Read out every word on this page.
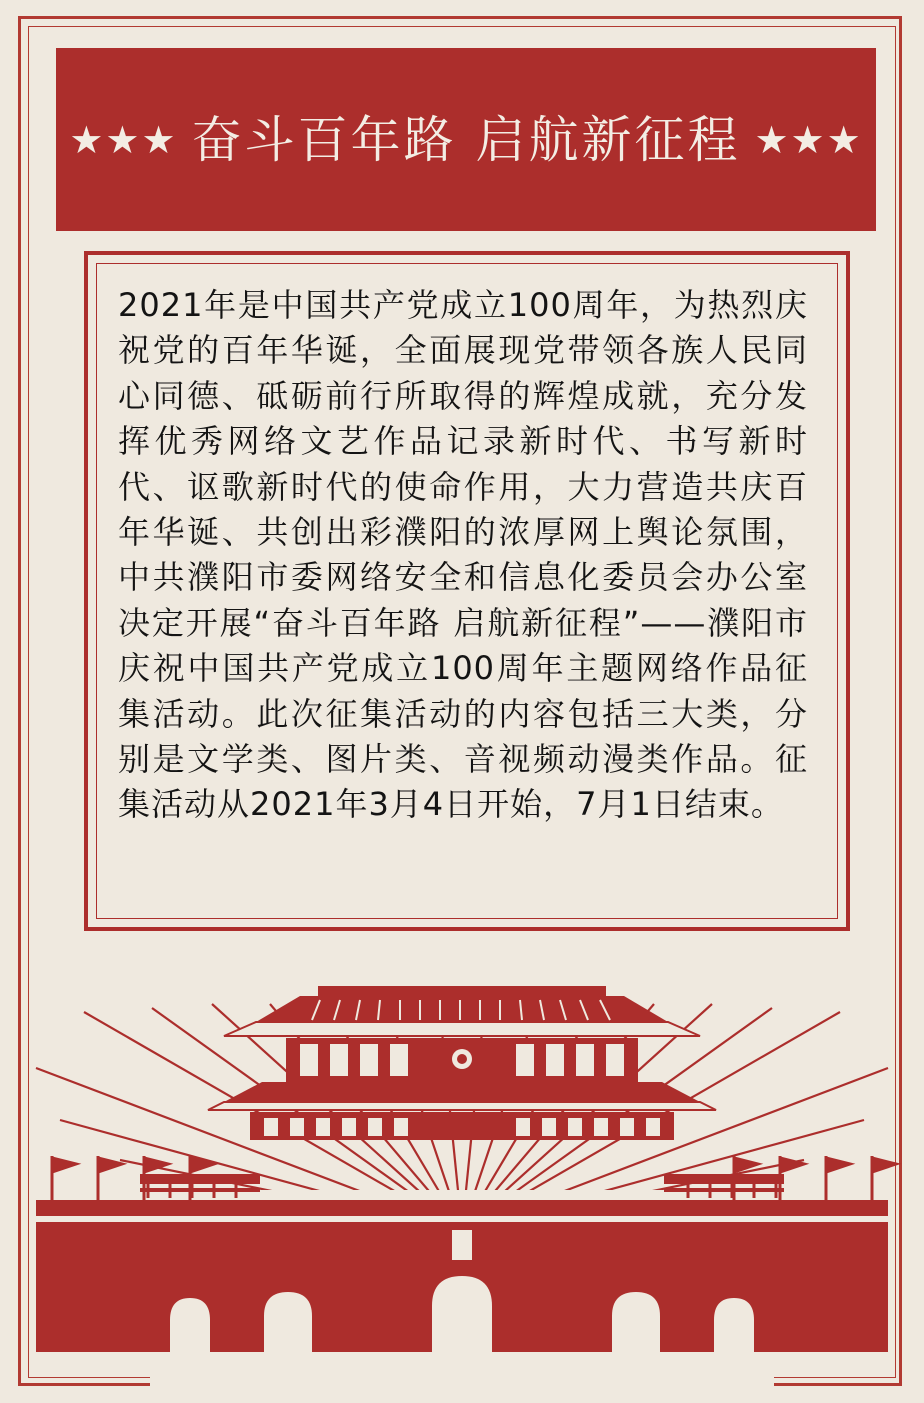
★★★ 奋斗百年路 启航新征程 ★★★

2021年是中国共产党成立100周年，为热烈庆祝党的百年华诞，全面展现党带领各族人民同心同德、砥砺前行所取得的辉煌成就，充分发挥优秀网络文艺作品记录新时代、书写新时代、讴歌新时代的使命作用，大力营造共庆百年华诞、共创出彩濮阳的浓厚网上舆论氛围，中共濮阳市委网络安全和信息化委员会办公室决定开展“奋斗百年路 启航新征程”——濮阳市庆祝中国共产党成立100周年主题网络作品征集活动。此次征集活动的内容包括三大类，分别是文学类、图片类、音视频动漫类作品。征集活动从2021年3月4日开始，7月1日结束。
